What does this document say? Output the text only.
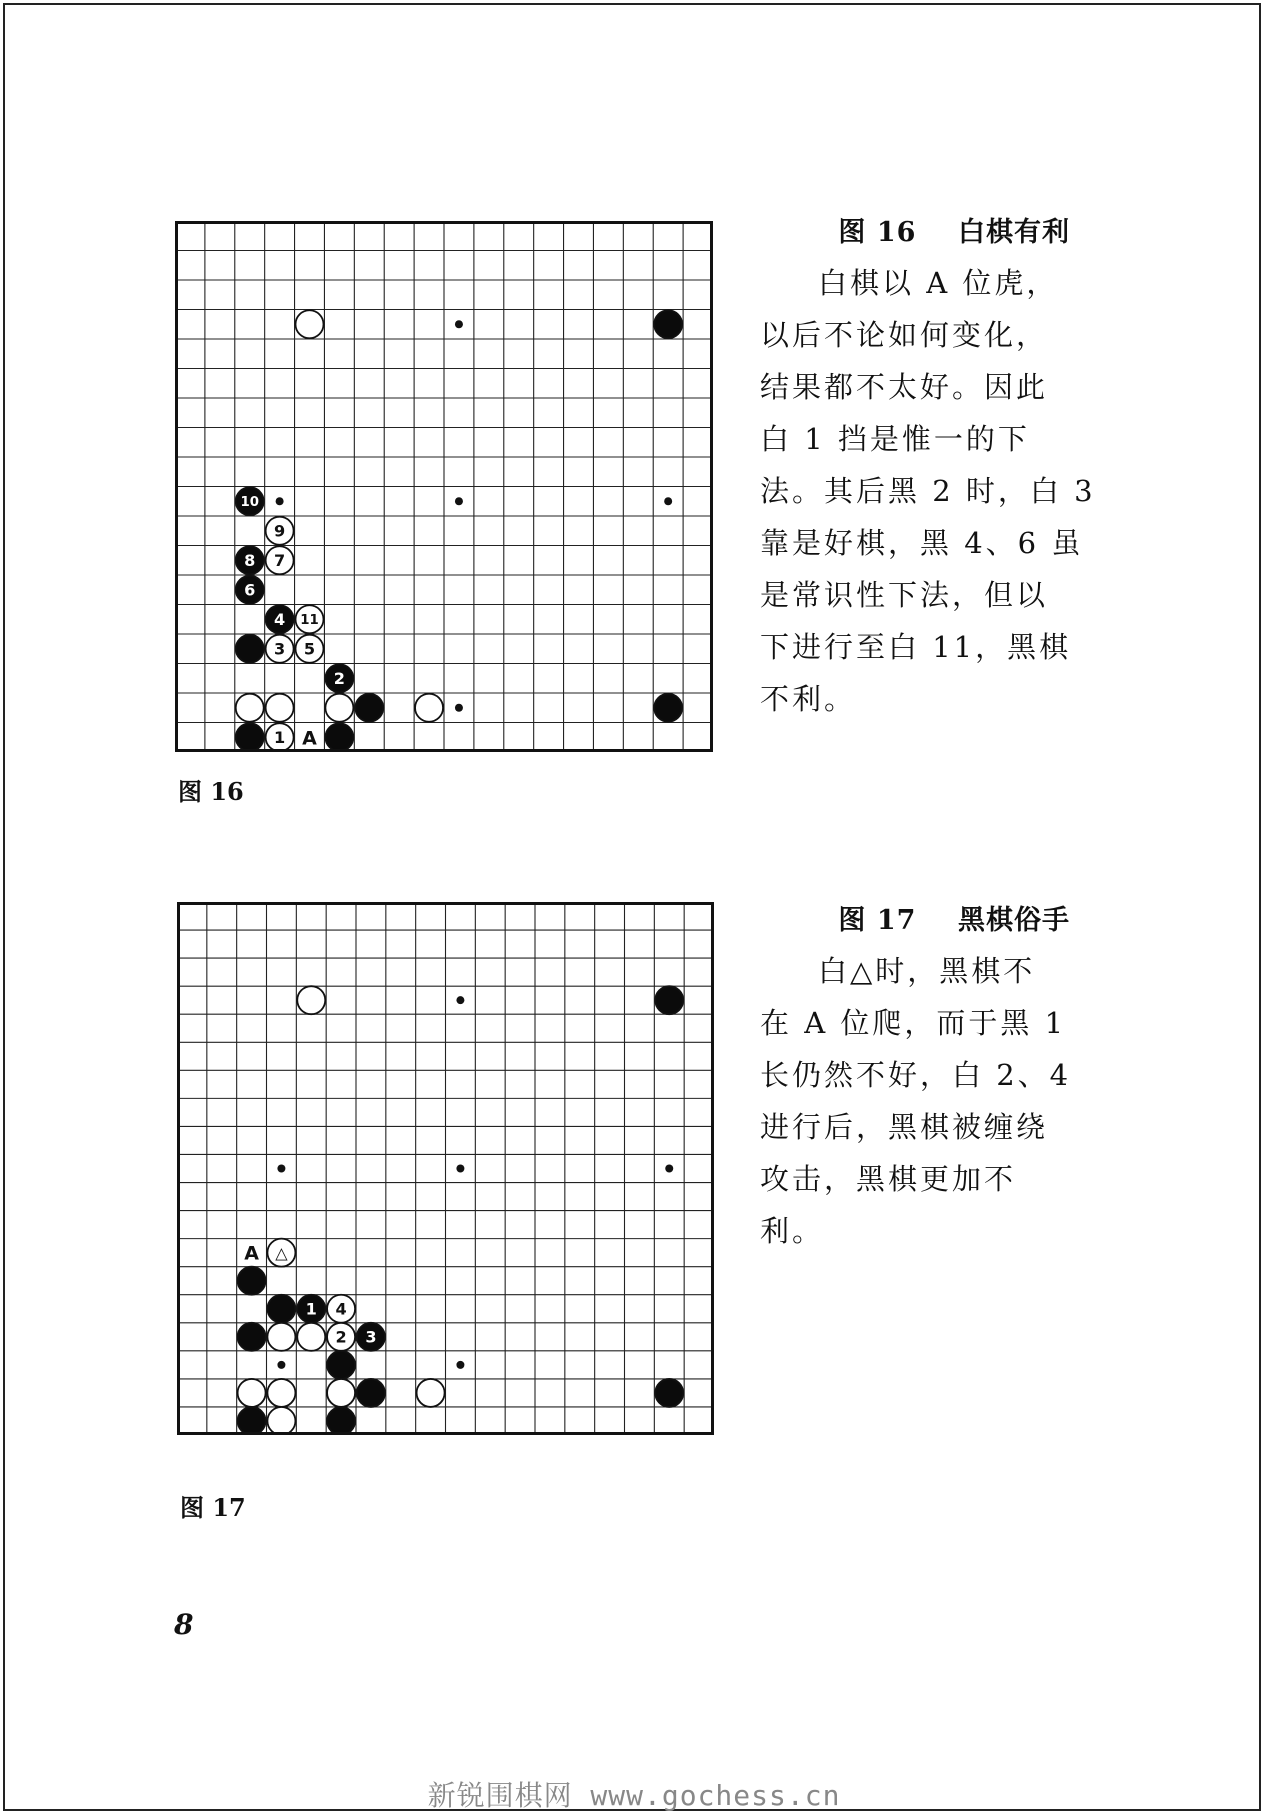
10
9
8 7
6
4 11
3 5
2
1 A
图 16
图 16    白棋有利
白棋以 A 位虎，
以后不论如何变化，
结果都不太好。因此
白 1 挡是惟一的下
法。其后黑 2 时，白 3
靠是好棋，黑 4、6 虽
是常识性下法，但以
下进行至白 11，黑棋
不利。
△
1 4
2 3
A
图 17
图 17    黑棋俗手
白△时，黑棋不
在 A 位爬，而于黑 1
长仍然不好，白 2、4
进行后，黑棋被缠绕
攻击，黑棋更加不
利。
8
新锐围棋网 www.gochess.cn
